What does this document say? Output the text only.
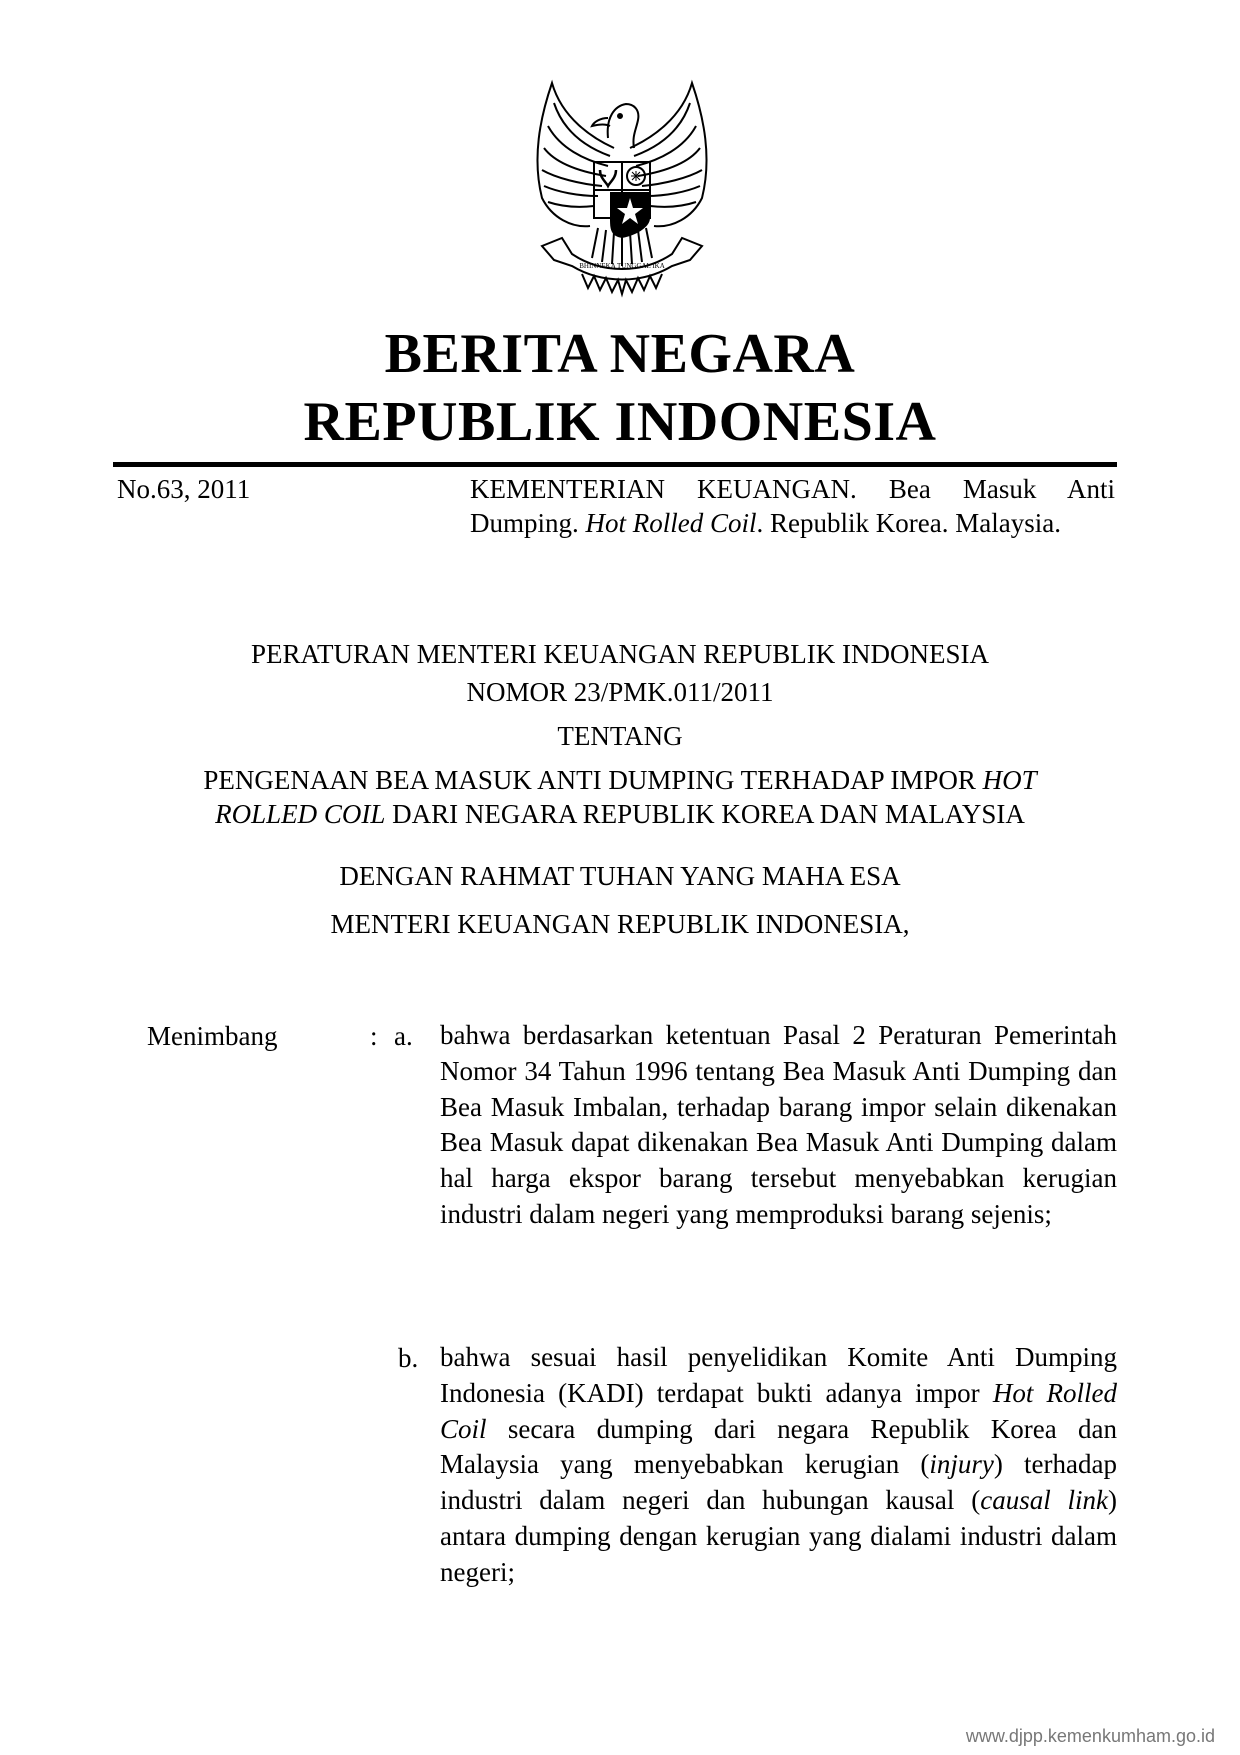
BHINNEKA TUNGGAL IKA
BERITA NEGARA
REPUBLIK INDONESIA
No.63, 2011	KEMENTERIAN KEUANGAN. Bea Masuk Anti Dumping. Hot Rolled Coil. Republik Korea. Malaysia.
PERATURAN MENTERI KEUANGAN REPUBLIK INDONESIA
NOMOR 23/PMK.011/2011
TENTANG
PENGENAAN BEA MASUK ANTI DUMPING TERHADAP IMPOR HOT
ROLLED COIL DARI NEGARA REPUBLIK KOREA DAN MALAYSIA
DENGAN RAHMAT TUHAN YANG MAHA ESA
MENTERI KEUANGAN REPUBLIK INDONESIA,
Menimbang	: a. bahwa berdasarkan ketentuan Pasal 2 Peraturan Pemerintah Nomor 34 Tahun 1996 tentang Bea Masuk Anti Dumping dan Bea Masuk Imbalan, terhadap barang impor selain dikenakan Bea Masuk dapat dikenakan Bea Masuk Anti Dumping dalam hal harga ekspor barang tersebut menyebabkan kerugian industri dalam negeri yang memproduksi barang sejenis;
b. bahwa sesuai hasil penyelidikan Komite Anti Dumping Indonesia (KADI) terdapat bukti adanya impor Hot Rolled Coil secara dumping dari negara Republik Korea dan Malaysia yang menyebabkan kerugian (injury) terhadap industri dalam negeri dan hubungan kausal (causal link) antara dumping dengan kerugian yang dialami industri dalam negeri;
www.djpp.kemenkumham.go.id
